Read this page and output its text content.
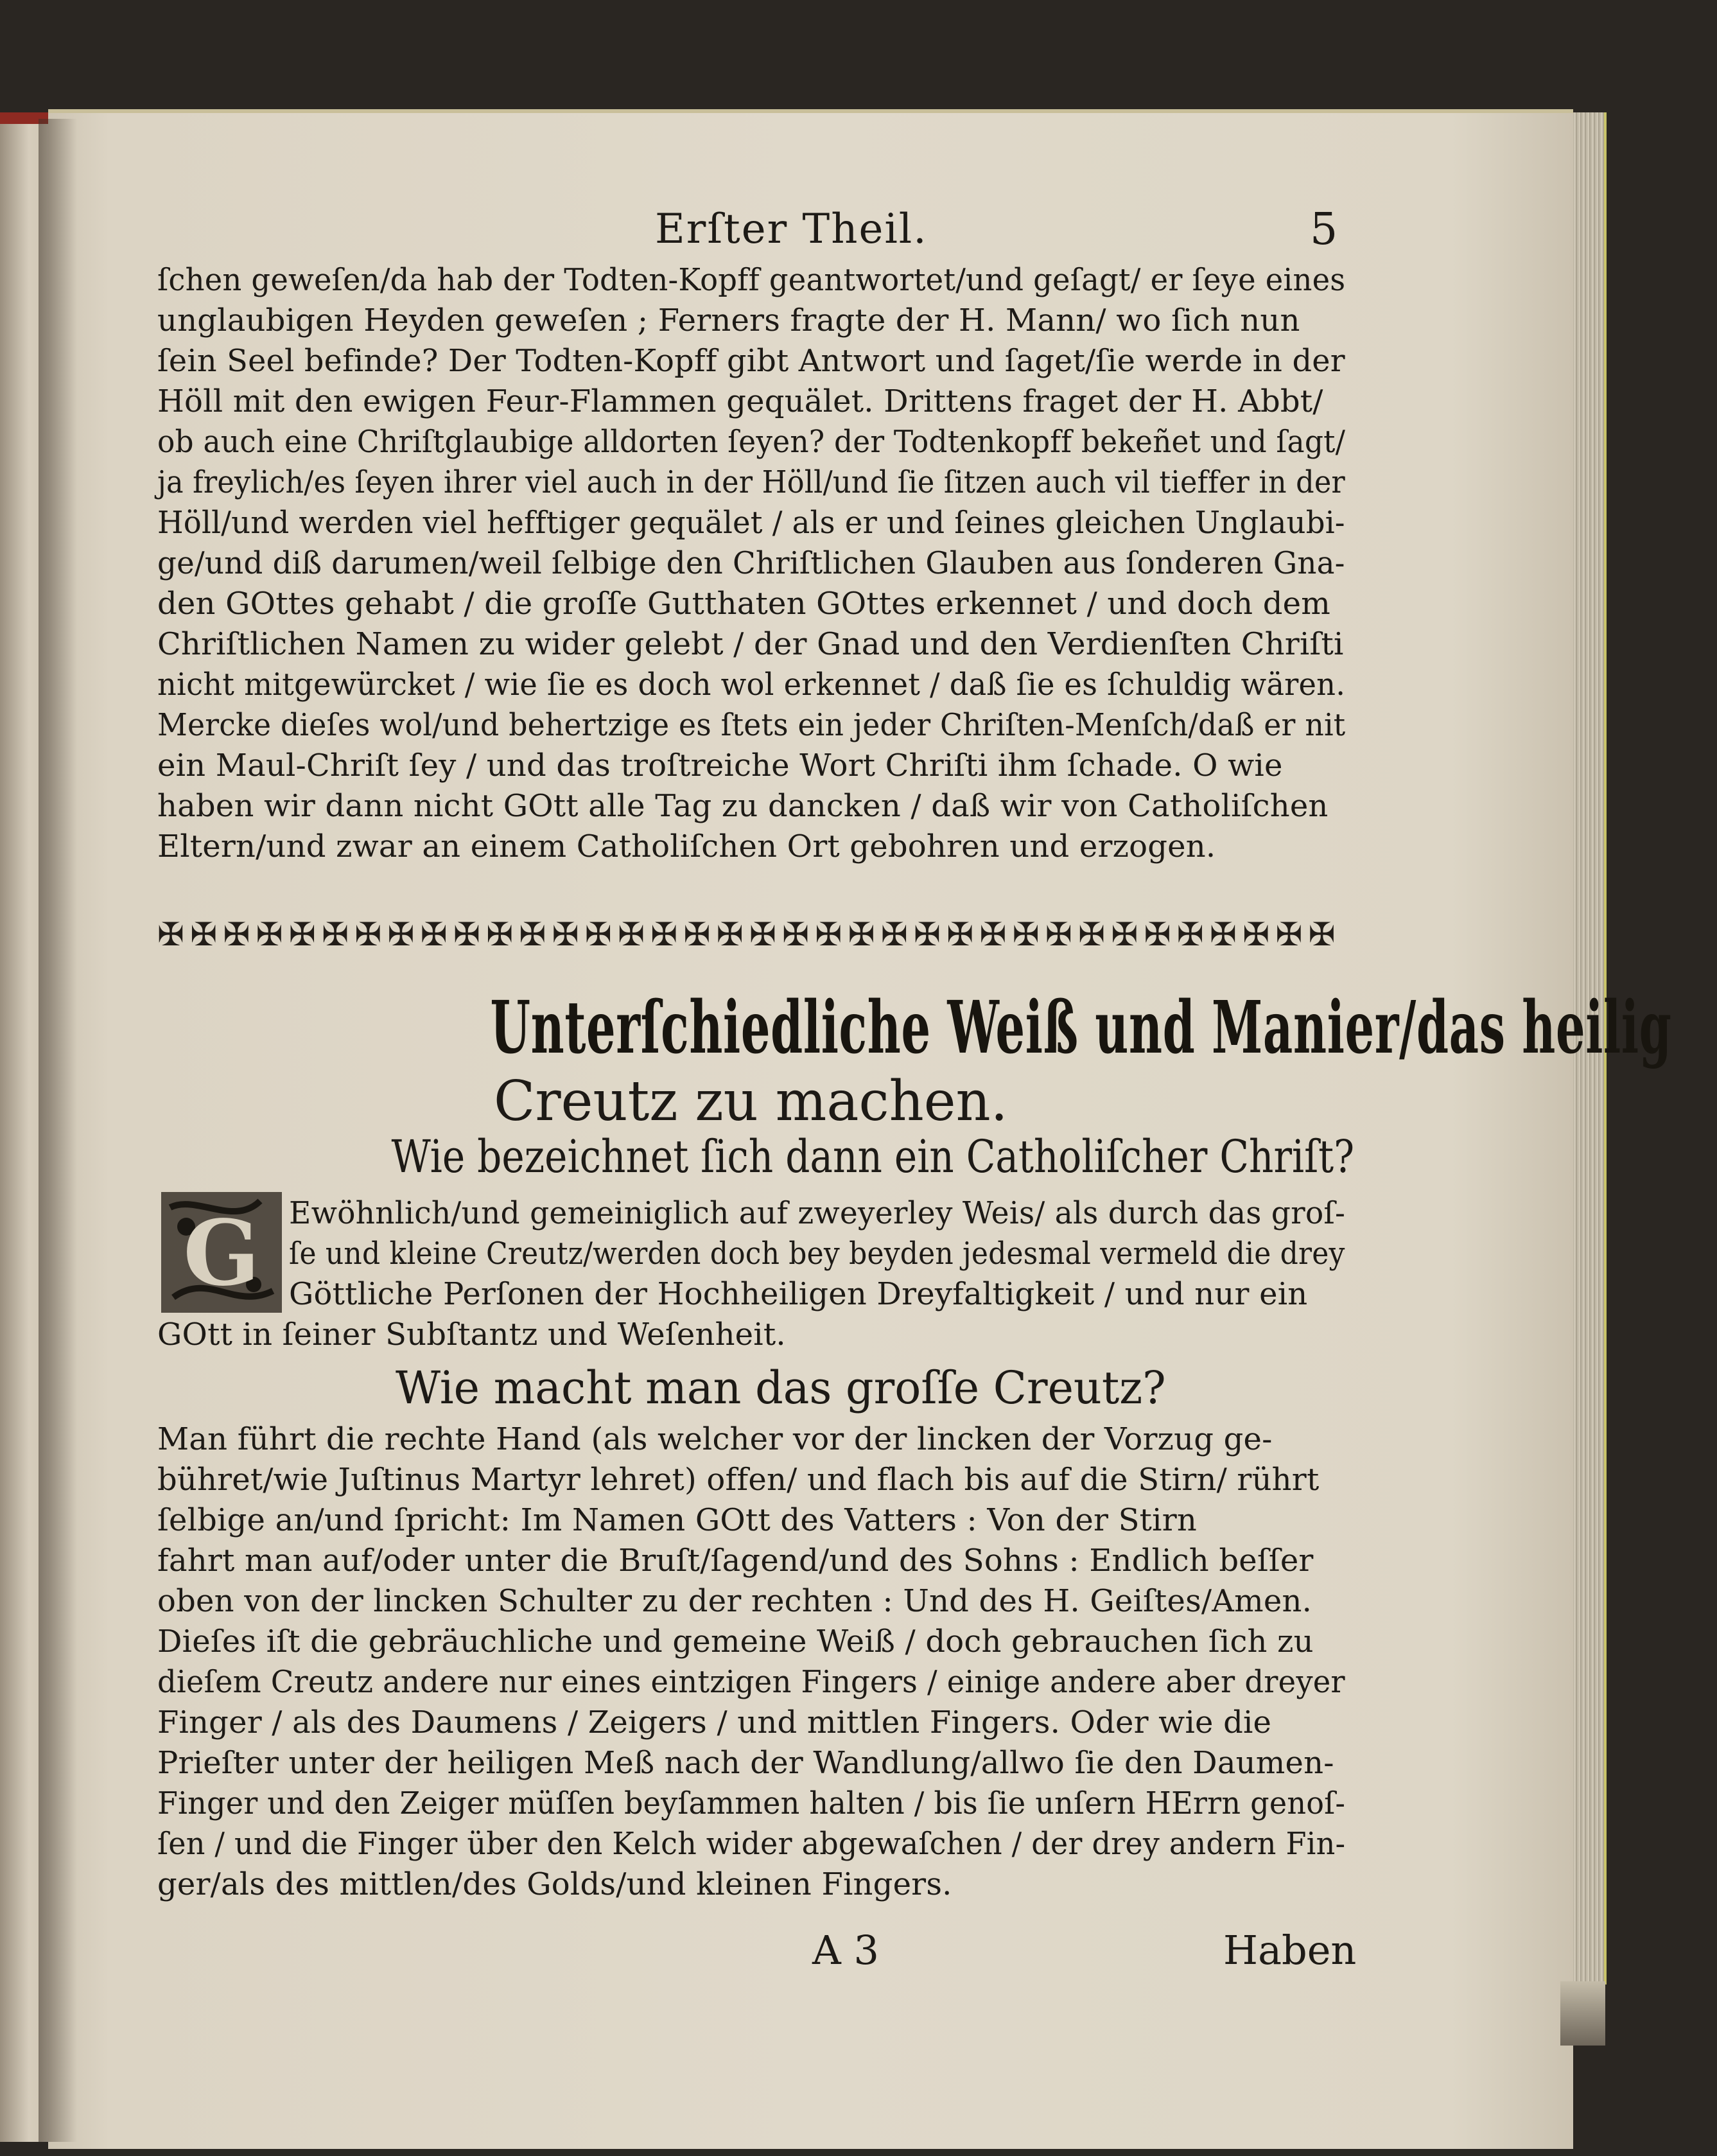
Erſter Theil.	5
ſchen geweſen/da hab der Todten-Kopff geantwortet/und geſagt/ er ſeye eines
unglaubigen Heyden geweſen ; Ferners fragte der H. Mann/ wo ſich nun
ſein Seel befinde? Der Todten-Kopff gibt Antwort und ſaget/ſie werde in der
Höll mit den ewigen Feur-Flammen gequälet. Drittens fraget der H. Abbt/
ob auch eine Chriſtglaubige alldorten ſeyen? der Todtenkopff bekeñet und ſagt/
ja freylich/es ſeyen ihrer viel auch in der Höll/und ſie ſitzen auch vil tieffer in der
Höll/und werden viel hefftiger gequälet / als er und ſeines gleichen Unglaubi-
ge/und diß darumen/weil ſelbige den Chriſtlichen Glauben aus ſonderen Gna-
den GOttes gehabt / die groſſe Gutthaten GOttes erkennet / und doch dem
Chriſtlichen Namen zu wider gelebt / der Gnad und den Verdienſten Chriſti
nicht mitgewürcket / wie ſie es doch wol erkennet / daß ſie es ſchuldig wären.
Mercke dieſes wol/und behertzige es ſtets ein jeder Chriſten-Menſch/daß er nit
ein Maul-Chriſt ſey / und das troſtreiche Wort Chriſti ihm ſchade. O wie
haben wir dann nicht GOtt alle Tag zu dancken / daß wir von Catholiſchen
Eltern/und zwar an einem Catholiſchen Ort gebohren und erzogen.
✠ ✠ ✠ ✠ ✠ ✠ ✠ ✠ ✠ ✠ ✠ ✠ ✠ ✠ ✠ ✠ ✠ ✠ ✠ ✠ ✠ ✠ ✠ ✠ ✠ ✠ ✠ ✠ ✠ ✠ ✠ ✠ ✠ ✠ ✠ ✠
Unterſchiedliche Weiß und Manier/das heilig
Creutz zu machen.
Wie bezeichnet ſich dann ein Catholiſcher Chriſt?
G Ewöhnlich/und gemeiniglich auf zweyerley Weis/ als durch das groſ-
ſe und kleine Creutz/werden doch bey beyden jedesmal vermeld die drey
Göttliche Perſonen der Hochheiligen Dreyfaltigkeit / und nur ein
GOtt in ſeiner Subſtantz und Weſenheit.
Wie macht man das groſſe Creutz?
Man führt die rechte Hand (als welcher vor der lincken der Vorzug ge-
bühret/wie Juſtinus Martyr lehret) offen/ und flach bis auf die Stirn/ rührt
ſelbige an/und ſpricht: Im Namen GOtt des Vatters : Von der Stirn
fahrt man auf/oder unter die Bruſt/ſagend/und des Sohns : Endlich beſſer
oben von der lincken Schulter zu der rechten : Und des H. Geiſtes/Amen.
Dieſes iſt die gebräuchliche und gemeine Weiß / doch gebrauchen ſich zu
dieſem Creutz andere nur eines eintzigen Fingers / einige andere aber dreyer
Finger / als des Daumens / Zeigers / und mittlen Fingers. Oder wie die
Prieſter unter der heiligen Meß nach der Wandlung/allwo ſie den Daumen-
Finger und den Zeiger müſſen beyſammen halten / bis ſie unſern HErrn genoſ-
ſen / und die Finger über den Kelch wider abgewaſchen / der drey andern Fin-
ger/als des mittlen/des Golds/und kleinen Fingers.
A 3	Haben
